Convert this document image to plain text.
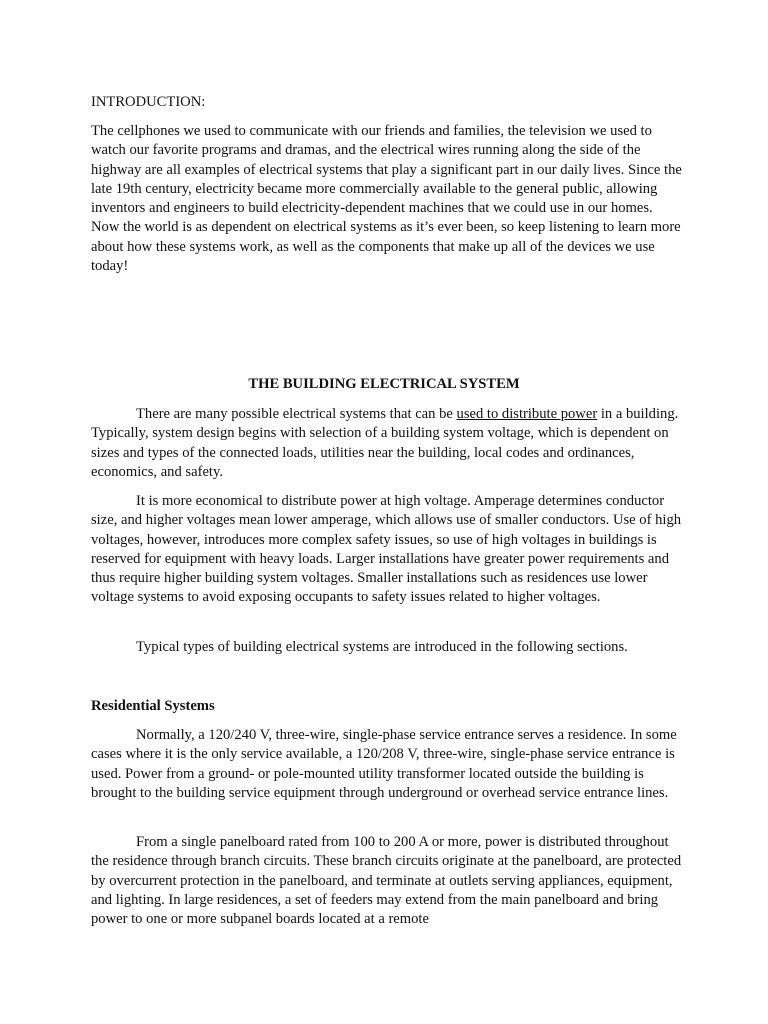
INTRODUCTION:

The cellphones we used to communicate with our friends and families, the television we used to watch our favorite programs and dramas, and the electrical wires running along the side of the highway are all examples of electrical systems that play a significant part in our daily lives. Since the late 19th century, electricity became more commercially available to the general public, allowing inventors and engineers to build electricity-dependent machines that we could use in our homes. Now the world is as dependent on electrical systems as it’s ever been, so keep listening to learn more about how these systems work, as well as the components that make up all of the devices we use today!

THE BUILDING ELECTRICAL SYSTEM

There are many possible electrical systems that can be used to distribute power in a building. Typically, system design begins with selection of a building system voltage, which is dependent on sizes and types of the connected loads, utilities near the building, local codes and ordinances, economics, and safety.

It is more economical to distribute power at high voltage. Amperage determines conductor size, and higher voltages mean lower amperage, which allows use of smaller conductors. Use of high voltages, however, introduces more complex safety issues, so use of high voltages in buildings is reserved for equipment with heavy loads. Larger installations have greater power requirements and thus require higher building system voltages. Smaller installations such as residences use lower voltage systems to avoid exposing occupants to safety issues related to higher voltages.

Typical types of building electrical systems are introduced in the following sections.

Residential Systems

Normally, a 120/240 V, three-wire, single-phase service entrance serves a residence. In some cases where it is the only service available, a 120/208 V, three-wire, single-phase service entrance is used. Power from a ground- or pole-mounted utility transformer located outside the building is brought to the building service equipment through underground or overhead service entrance lines.

From a single panelboard rated from 100 to 200 A or more, power is distributed throughout the residence through branch circuits. These branch circuits originate at the panelboard, are protected by overcurrent protection in the panelboard, and terminate at outlets serving appliances, equipment, and lighting. In large residences, a set of feeders may extend from the main panelboard and bring power to one or more subpanel boards located at a remote
